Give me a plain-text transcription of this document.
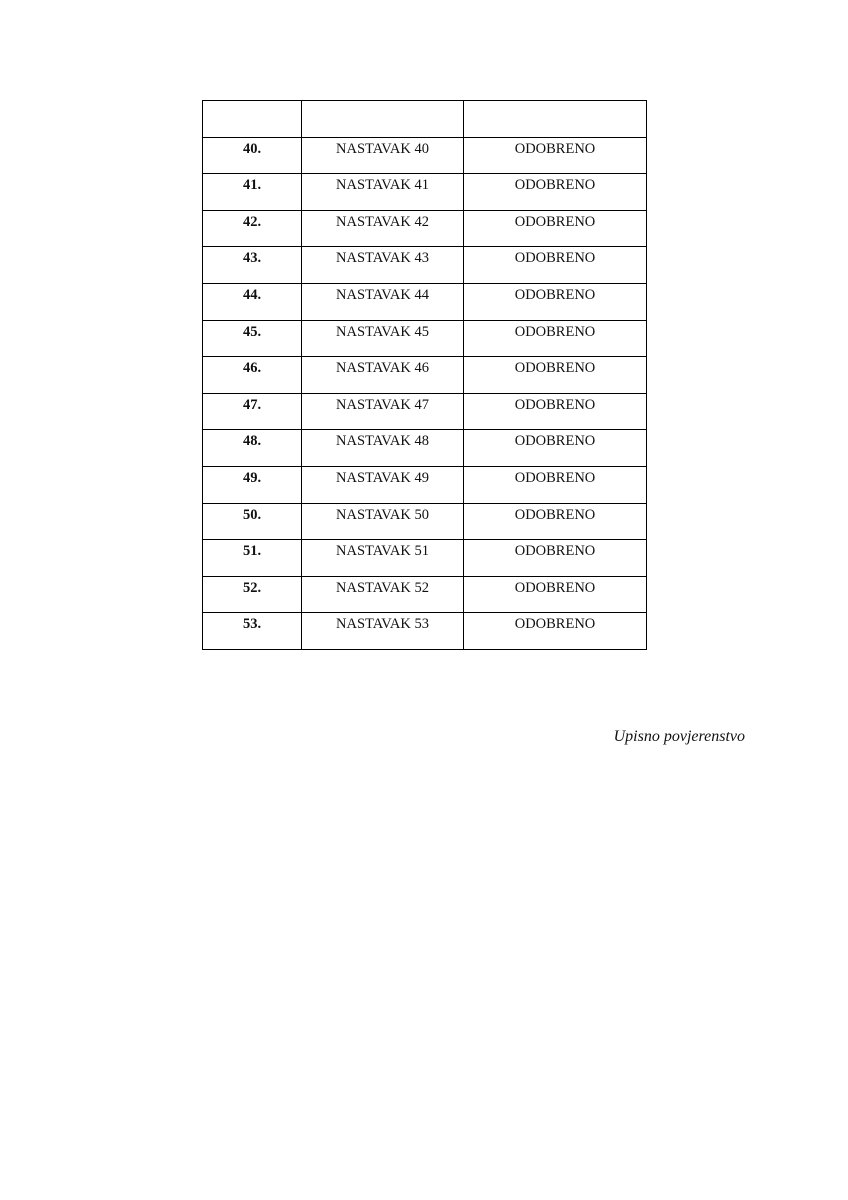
40.	NASTAVAK 40	ODOBRENO

41.	NASTAVAK 41	ODOBRENO

42.	NASTAVAK 42	ODOBRENO

43.	NASTAVAK 43	ODOBRENO

44.	NASTAVAK 44	ODOBRENO

45.	NASTAVAK 45	ODOBRENO

46.	NASTAVAK 46	ODOBRENO

47.	NASTAVAK 47	ODOBRENO

48.	NASTAVAK 48	ODOBRENO

49.	NASTAVAK 49	ODOBRENO

50.	NASTAVAK 50	ODOBRENO

51.	NASTAVAK 51	ODOBRENO

52.	NASTAVAK 52	ODOBRENO

53.	NASTAVAK 53	ODOBRENO
Upisno povjerenstvo
